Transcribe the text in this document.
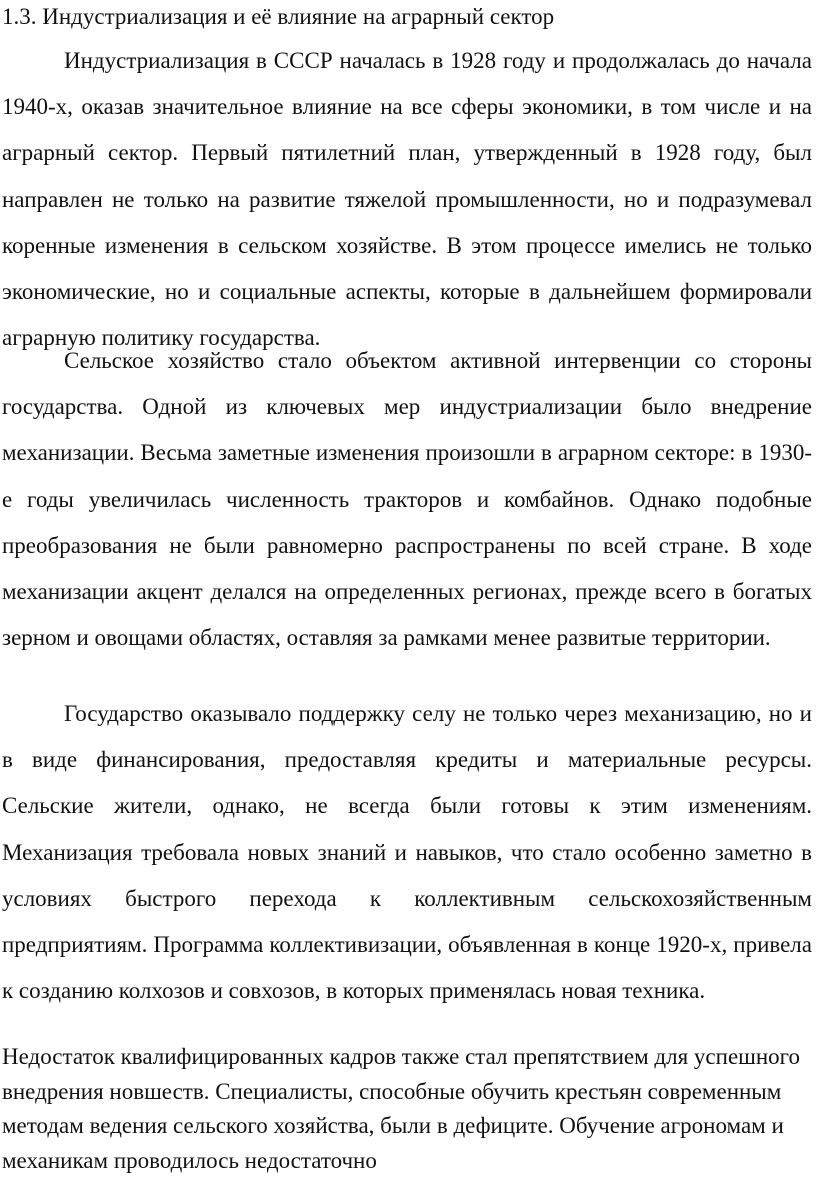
1.3. Индустриализация и её влияние на аграрный сектор

Индустриализация в СССР началась в 1928 году и продолжалась до начала 1940-х, оказав значительное влияние на все сферы экономики, в том числе и на аграрный сектор. Первый пятилетний план, утвержденный в 1928 году, был направлен не только на развитие тяжелой промышленности, но и подразумевал коренные изменения в сельском хозяйстве. В этом процессе имелись не только экономические, но и социальные аспекты, которые в дальнейшем формировали аграрную политику государства.

Сельское хозяйство стало объектом активной интервенции со стороны государства. Одной из ключевых мер индустриализации было внедрение механизации. Весьма заметные изменения произошли в аграрном секторе: в 1930-е годы увеличилась численность тракторов и комбайнов. Однако подобные преобразования не были равномерно распространены по всей стране. В ходе механизации акцент делался на определенных регионах, прежде всего в богатых зерном и овощами областях, оставляя за рамками менее развитые территории.

Государство оказывало поддержку селу не только через механизацию, но и в виде финансирования, предоставляя кредиты и материальные ресурсы. Сельские жители, однако, не всегда были готовы к этим изменениям. Механизация требовала новых знаний и навыков, что стало особенно заметно в условиях быстрого перехода к коллективным сельскохозяйственным предприятиям. Программа коллективизации, объявленная в конце 1920-х, привела к созданию колхозов и совхозов, в которых применялась новая техника.

Недостаток квалифицированных кадров также стал препятствием для успешного внедрения новшеств. Специалисты, способные обучить крестьян современным методам ведения сельского хозяйства, были в дефиците. Обучение агрономам и механикам проводилось недостаточно
